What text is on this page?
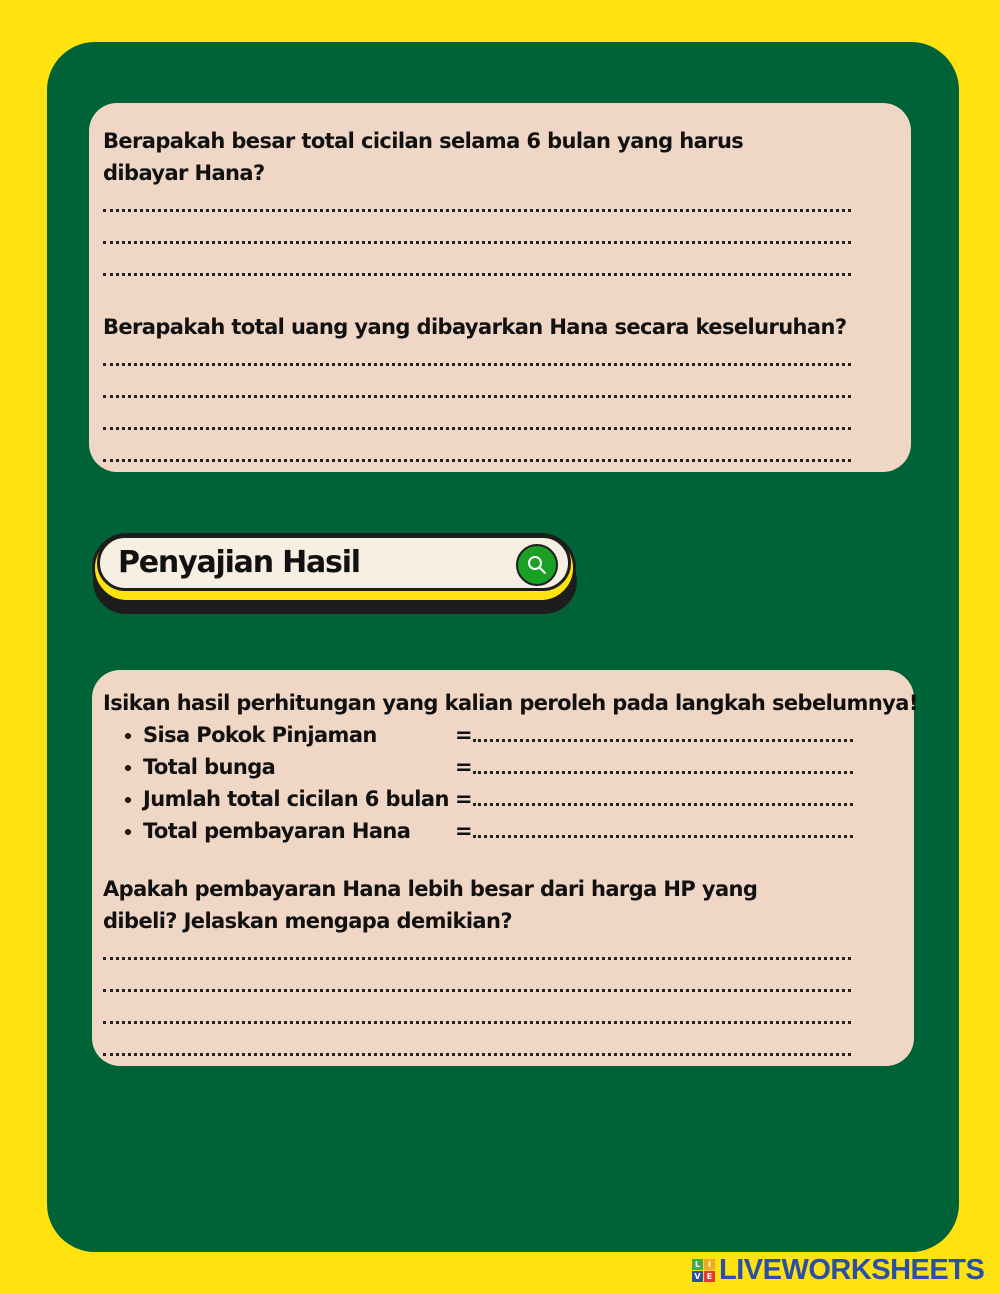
Berapakah besar total cicilan selama 6 bulan yang harus dibayar Hana?

Berapakah total uang yang dibayarkan Hana secara keseluruhan?

Penyajian Hasil

Isikan hasil perhitungan yang kalian peroleh pada langkah sebelumnya!

Sisa Pokok Pinjaman	=
Total bunga	=
Jumlah total cicilan 6 bulan =
Total pembayaran Hana	=

Apakah pembayaran Hana lebih besar dari harga HP yang dibeli? Jelaskan mengapa demikian?

L I
V E LIVEWORKSHEETS
